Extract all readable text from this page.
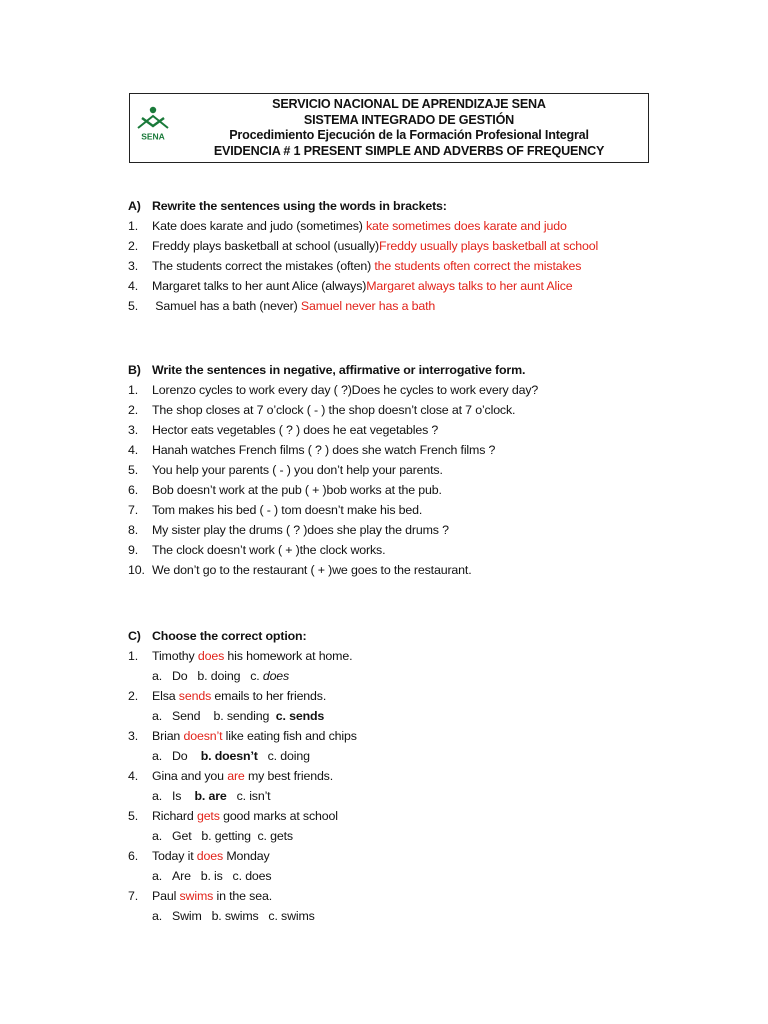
SENA
SERVICIO NACIONAL DE APRENDIZAJE SENA
SISTEMA INTEGRADO DE GESTIÓN
Procedimiento Ejecución de la Formación Profesional Integral
EVIDENCIA # 1 PRESENT SIMPLE AND ADVERBS OF FREQUENCY
A) Rewrite the sentences using the words in brackets:
1. Kate does karate and judo (sometimes) kate sometimes does karate and judo
2. Freddy plays basketball at school (usually)Freddy usually plays basketball at school
3. The students correct the mistakes (often) the students often correct the mistakes
4. Margaret talks to her aunt Alice (always)Margaret always talks to her aunt Alice
5. Samuel has a bath (never) Samuel never has a bath
B) Write the sentences in negative, affirmative or interrogative form.
1. Lorenzo cycles to work every day ( ?)Does he cycles to work every day?
2. The shop closes at 7 o’clock ( - ) the shop doesn’t close at 7 o’clock.
3. Hector eats vegetables ( ? ) does he eat vegetables ?
4. Hanah watches French films ( ? ) does she watch French films ?
5. You help your parents ( - ) you don’t help your parents.
6. Bob doesn’t work at the pub ( + )bob works at the pub.
7. Tom makes his bed ( - ) tom doesn’t make his bed.
8. My sister play the drums ( ? )does she play the drums ?
9. The clock doesn’t work ( + )the clock works.
10. We don’t go to the restaurant ( + )we goes to the restaurant.
C) Choose the correct option:
1. Timothy does his homework at home.
a. Do   b. doing   c. does
2. Elsa sends emails to her friends.
a. Send    b. sending  c. sends
3. Brian doesn’t like eating fish and chips
a. Do    b. doesn’t   c. doing
4. Gina and you are my best friends.
a. Is    b. are   c. isn’t
5. Richard gets good marks at school
a. Get   b. getting  c. gets
6. Today it does Monday
a. Are   b. is   c. does
7. Paul swims in the sea.
a. Swim   b. swims   c. swims
